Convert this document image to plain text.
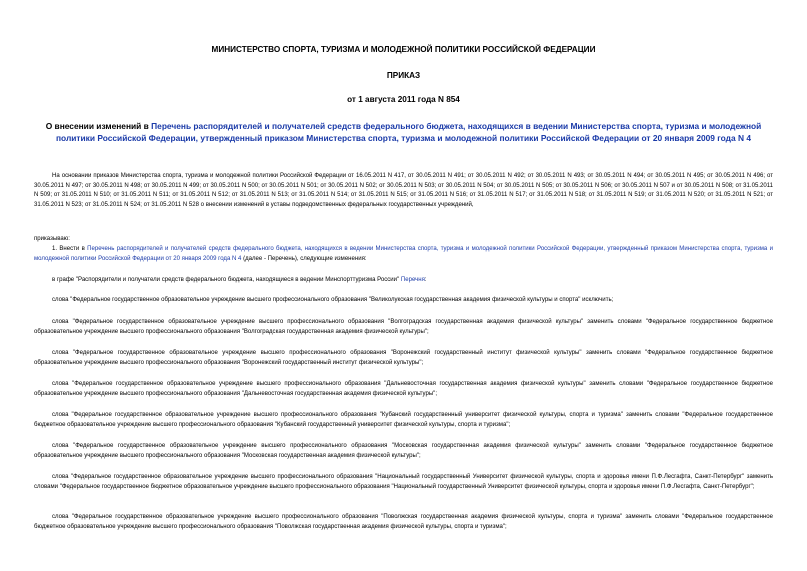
МИНИСТЕРСТВО СПОРТА, ТУРИЗМА И МОЛОДЕЖНОЙ ПОЛИТИКИ РОССИЙСКОЙ ФЕДЕРАЦИИ
ПРИКАЗ
от 1 августа 2011 года N 854
О внесении изменений в Перечень распорядителей и получателей средств федерального бюджета, находящихся в ведении Министерства спорта, туризма и молодежной политики Российской Федерации, утвержденный приказом Министерства спорта, туризма и молодежной политики Российской Федерации от 20 января 2009 года N 4

На основании приказов Министерства спорта, туризма и молодежной политики Российской Федерации от 16.05.2011 N 417, от 30.05.2011 N 491; от 30.05.2011 N 492; от 30.05.2011 N 493; от 30.05.2011 N 494; от 30.05.2011 N 495; от 30.05.2011 N 496; от 30.05.2011 N 497; от 30.05.2011 N 498; от 30.05.2011 N 499; от 30.05.2011 N 500; от 30.05.2011 N 501; от 30.05.2011 N 502; от 30.05.2011 N 503; от 30.05.2011 N 504; от 30.05.2011 N 505; от 30.05.2011 N 506; от 30.05.2011 N 507 и от 30.05.2011 N 508; от 31.05.2011 N 509; от 31.05.2011 N 510; от 31.05.2011 N 511; от 31.05.2011 N 512; от 31.05.2011 N 513; от 31.05.2011 N 514; от 31.05.2011 N 515; от 31.05.2011 N 516; от 31.05.2011 N 517; от 31.05.2011 N 518; от 31.05.2011 N 519; от 31.05.2011 N 520; от 31.05.2011 N 521; от 31.05.2011 N 523; от 31.05.2011 N 524; от 31.05.2011 N 528 о внесении изменений в уставы подведомственных федеральных государственных учреждений,

приказываю:

1. Внести в Перечень распорядителей и получателей средств федерального бюджета, находящихся в ведении Министерства спорта, туризма и молодежной политики Российской Федерации, утвержденный приказом Министерства спорта, туризма и молодежной политики Российской Федерации от 20 января 2009 года N 4 (далее - Перечень), следующие изменения:

в графе "Распорядители и получатели средств федерального бюджета, находящиеся в ведении Минспорттуризма России" Перечня:

слова "Федеральное государственное образовательное учреждение высшего профессионального образования "Великолукская государственная академия физической культуры и спорта" исключить;

слова "Федеральное государственное образовательное учреждение высшего профессионального образования "Волгоградская государственная академия физической культуры" заменить словами "Федеральное государственное бюджетное образовательное учреждение высшего профессионального образования "Волгоградская государственная академия физической культуры";

слова "Федеральное государственное образовательное учреждение высшего профессионального образования "Воронежский государственный институт физической культуры" заменить словами "Федеральное государственное бюджетное образовательное учреждение высшего профессионального образования "Воронежский государственный институт физической культуры";

слова "Федеральное государственное образовательное учреждение высшего профессионального образования "Дальневосточная государственная академия физической культуры" заменить словами "Федеральное государственное бюджетное образовательное учреждение высшего профессионального образования "Дальневосточная государственная академия физической культуры";

слова "Федеральное государственное образовательное учреждение высшего профессионального образования "Кубанский государственный университет физической культуры, спорта и туризма" заменить словами "Федеральное государственное бюджетное образовательное учреждение высшего профессионального образования "Кубанский государственный университет физической культуры, спорта и туризма";

слова "Федеральное государственное образовательное учреждение высшего профессионального образования "Московская государственная академия физической культуры" заменить словами "Федеральное государственное бюджетное образовательное учреждение высшего профессионального образования "Московская государственная академия физической культуры";

слова "Федеральное государственное образовательное учреждение высшего профессионального образования "Национальный государственный Университет физической культуры, спорта и здоровья имени П.Ф.Лесгафта, Санкт-Петербург" заменить словами "Федеральное государственное бюджетное образовательное учреждение высшего профессионального образования "Национальный государственный Университет физической культуры, спорта и здоровья имени П.Ф.Лесгафта, Санкт-Петербург";

слова "Федеральное государственное образовательное учреждение высшего профессионального образования "Поволжская государственная академия физической культуры, спорта и туризма" заменить словами "Федеральное государственное бюджетное образовательное учреждение высшего профессионального образования "Поволжская государственная академия физической культуры, спорта и туризма";
